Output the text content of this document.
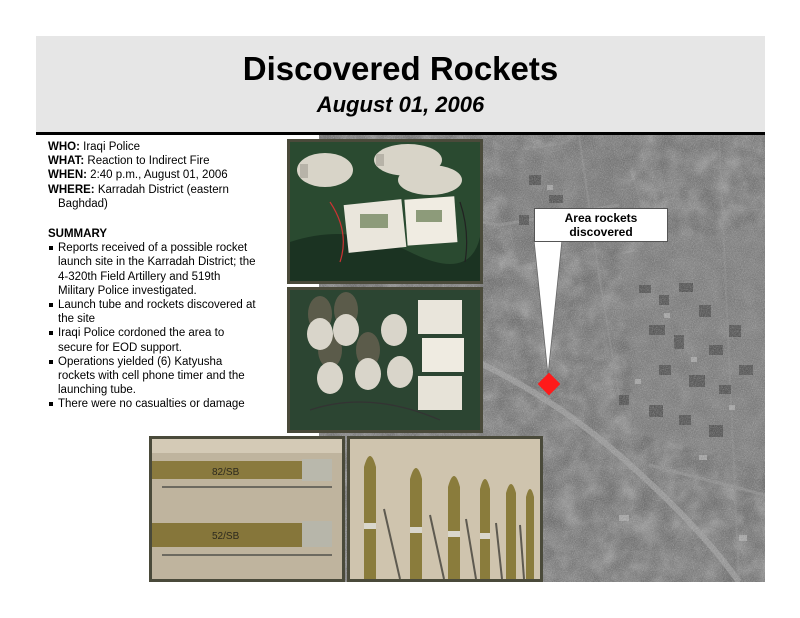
Discovered Rockets
August 01, 2006
Area rockets
discovered
WHO: Iraqi Police
WHAT: Reaction to Indirect Fire
WHEN: 2:40 p.m., August 01, 2006
WHERE: Karradah District (eastern
Baghdad)
SUMMARY
Reports received of a possible rocket
launch site in the Karradah District; the
4-320th Field Artillery and 519th
Military Police investigated.
Launch tube and rockets discovered at
the site
Iraqi Police cordoned the area to
secure for EOD support.
Operations yielded (6) Katyusha
rockets with cell phone timer and the
launching tube.
There were no casualties or damage
82/SB
52/SB
